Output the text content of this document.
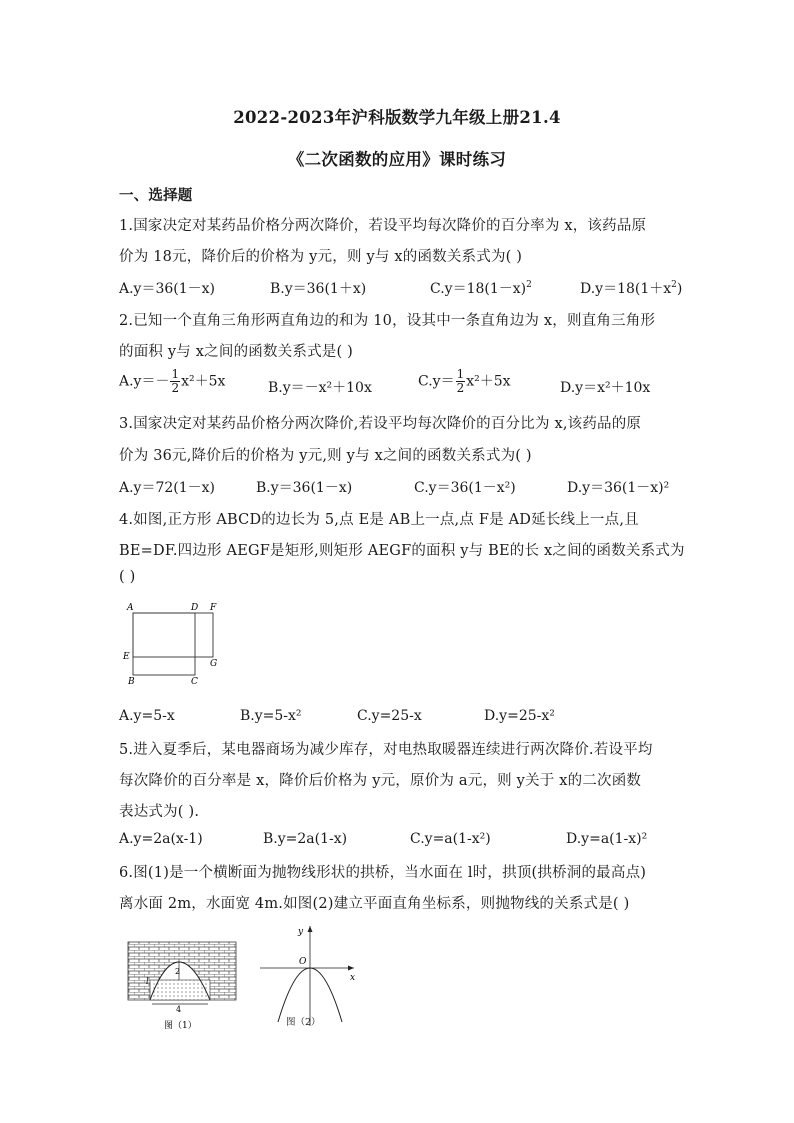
2022-2023年沪科版数学九年级上册21.4
《二次函数的应用》课时练习
一、选择题
1.国家决定对某药品价格分两次降价，若设平均每次降价的百分率为 x，该药品原
价为 18元，降价后的价格为 y元，则 y与 x的函数关系式为( )
A.y＝36(1－x)	B.y＝36(1＋x)	$C.y=18(1-x)^2$	$D.y=18(1+x^2)$
2.已知一个直角三角形两直角边的和为 10，设其中一条直角边为 x，则直角三角形
的面积 y与 x之间的函数关系式是( )
$A.y=- \frac{1}{2} x^2+5x$	B.y＝－x²＋10x	$C.y= \frac{1}{2} x^2+5x$	D.y＝x²＋10x
3.国家决定对某药品价格分两次降价,若设平均每次降价的百分比为 x,该药品的原
价为 36元,降价后的价格为 y元,则 y与 x之间的函数关系式为( )
A.y＝72(1－x)	B.y＝36(1－x)	C.y＝36(1－x²)	D.y＝36(1－x)²
4.如图,正方形 ABCD的边长为 5,点 E是 AB上一点,点 F是 AD延长线上一点,且
BE=DF.四边形 AEGF是矩形,则矩形 AEGF的面积 y与 BE的长 x之间的函数关系式为
( )
A	D F
E
G
B	C
A.y=5-x	B.y=5-x²	C.y=25-x	D.y=25-x²
5.进入夏季后，某电器商场为减少库存，对电热取暖器连续进行两次降价.若设平均
每次降价的百分率是 x，降价后价格为 y元，原价为 a元，则 y关于 x的二次函数
表达式为( ).
A.y=2a(x-1)	B.y=2a(1-x)	C.y=a(1-x²)	D.y=a(1-x)²
6.图(1)是一个横断面为抛物线形状的拱桥，当水面在 l时，拱顶(拱桥洞的最高点)
离水面 2m，水面宽 4m.如图(2)建立平面直角坐标系，则抛物线的关系式是( )
2
4
l
图（1）
y
x
O
图（2）
